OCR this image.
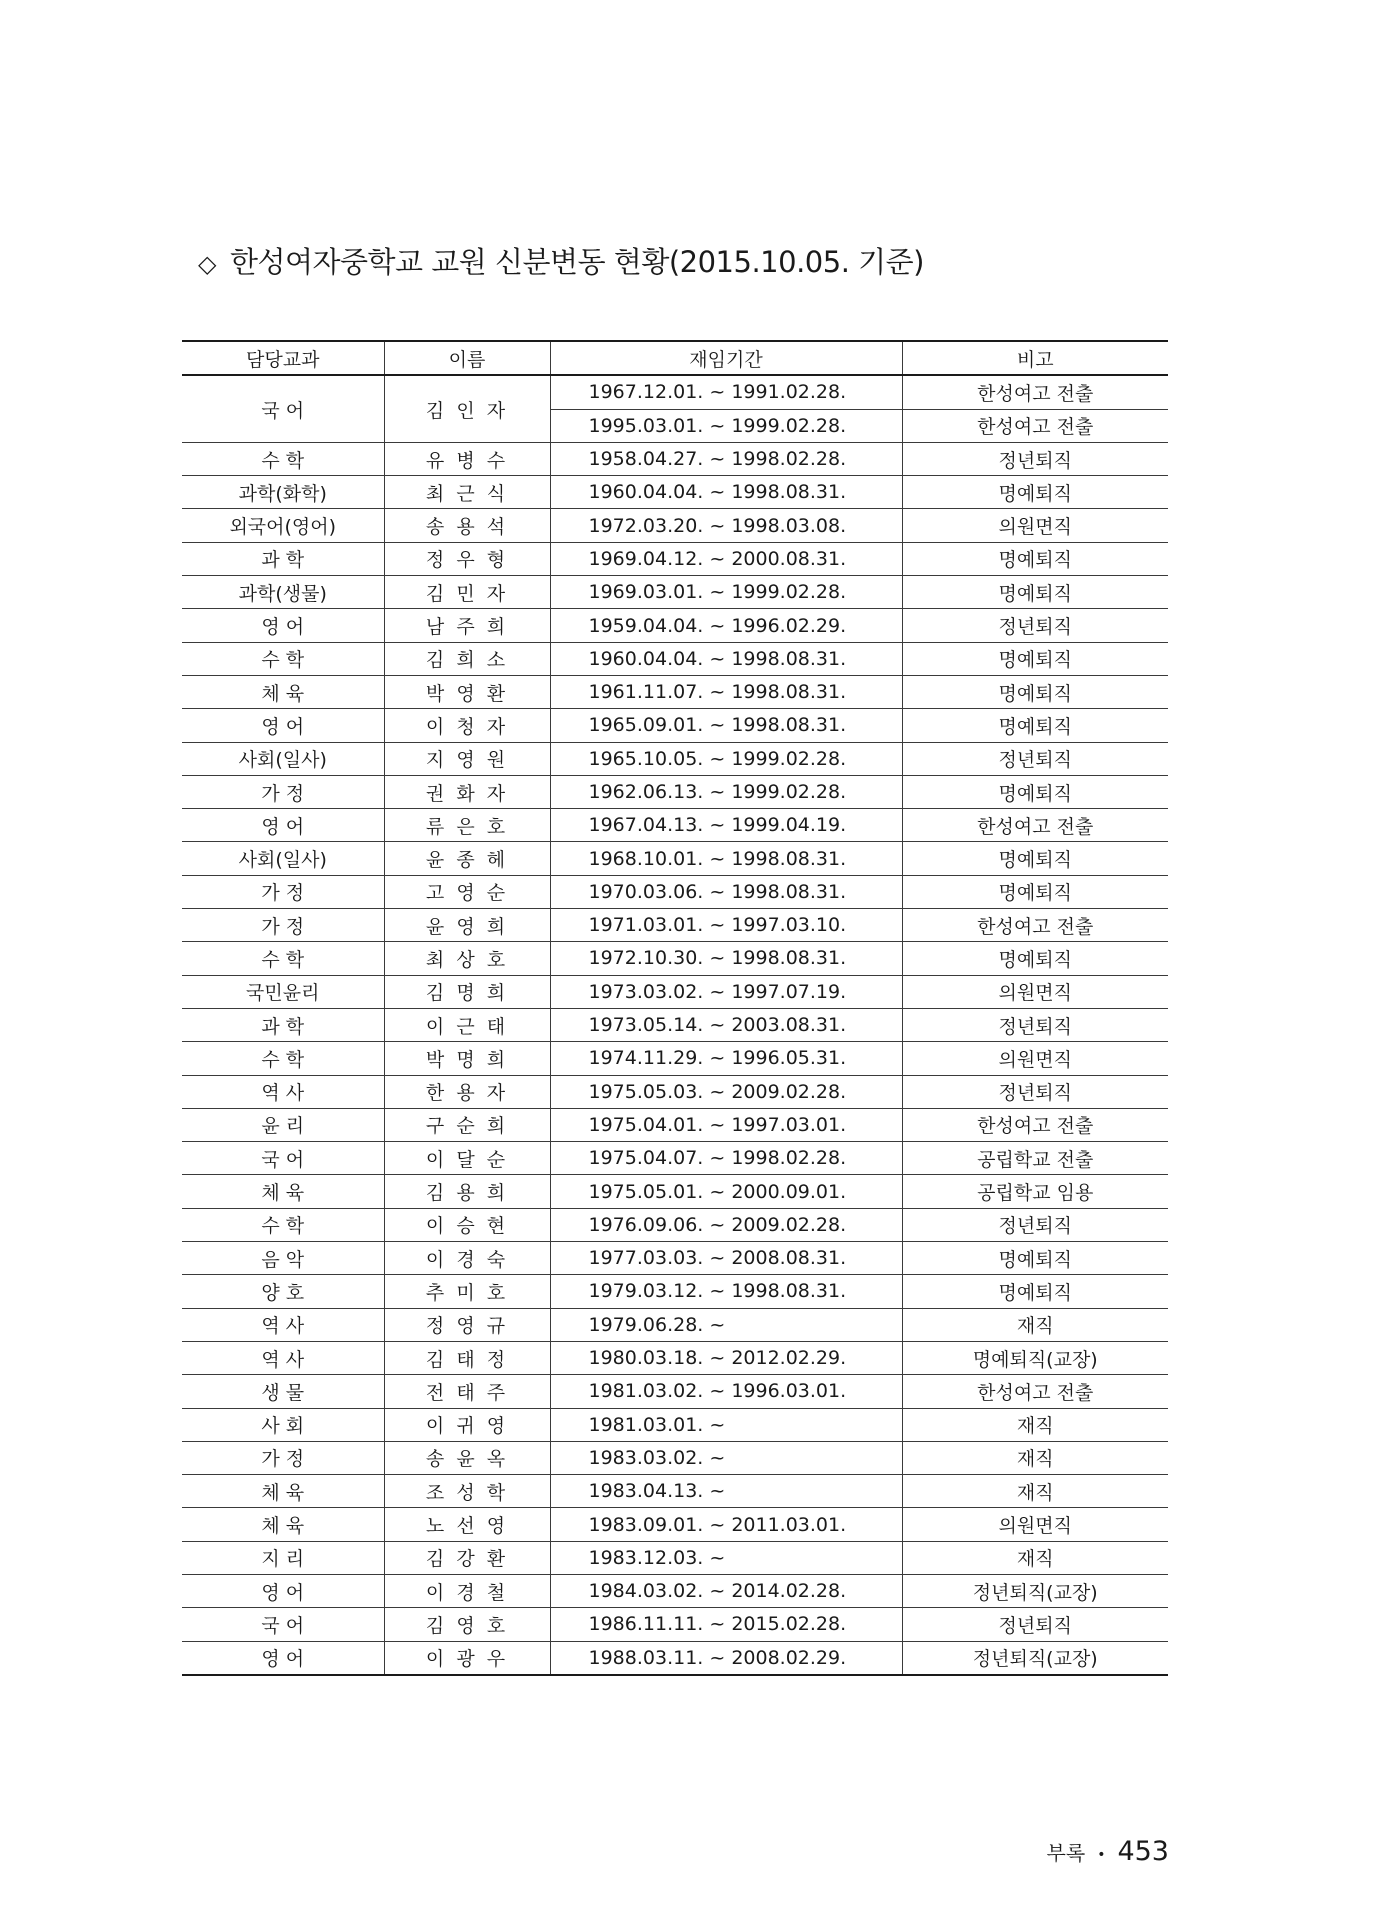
◇ 한성여자중학교 교원 신분변동 현황(2015.10.05. 기준)
담당교과	이름	재임기간	비고
국 어	김 인 자	1967.12.01. ~ 1991.02.28.	한성여고 전출
		1995.03.01. ~ 1999.02.28.	한성여고 전출
수 학	유 병 수	1958.04.27. ~ 1998.02.28.	정년퇴직
과학(화학)	최 근 식	1960.04.04. ~ 1998.08.31.	명예퇴직
외국어(영어)	송 용 석	1972.03.20. ~ 1998.03.08.	의원면직
과 학	정 우 형	1969.04.12. ~ 2000.08.31.	명예퇴직
과학(생물)	김 민 자	1969.03.01. ~ 1999.02.28.	명예퇴직
영 어	남 주 희	1959.04.04. ~ 1996.02.29.	정년퇴직
수 학	김 희 소	1960.04.04. ~ 1998.08.31.	명예퇴직
체 육	박 영 환	1961.11.07. ~ 1998.08.31.	명예퇴직
영 어	이 청 자	1965.09.01. ~ 1998.08.31.	명예퇴직
사회(일사)	지 영 원	1965.10.05. ~ 1999.02.28.	정년퇴직
가 정	권 화 자	1962.06.13. ~ 1999.02.28.	명예퇴직
영 어	류 은 호	1967.04.13. ~ 1999.04.19.	한성여고 전출
사회(일사)	윤 종 헤	1968.10.01. ~ 1998.08.31.	명예퇴직
가 정	고 영 순	1970.03.06. ~ 1998.08.31.	명예퇴직
가 정	윤 영 희	1971.03.01. ~ 1997.03.10.	한성여고 전출
수 학	최 상 호	1972.10.30. ~ 1998.08.31.	명예퇴직
국민윤리	김 명 희	1973.03.02. ~ 1997.07.19.	의원면직
과 학	이 근 태	1973.05.14. ~ 2003.08.31.	정년퇴직
수 학	박 명 희	1974.11.29. ~ 1996.05.31.	의원면직
역 사	한 용 자	1975.05.03. ~ 2009.02.28.	정년퇴직
윤 리	구 순 희	1975.04.01. ~ 1997.03.01.	한성여고 전출
국 어	이 달 순	1975.04.07. ~ 1998.02.28.	공립학교 전출
체 육	김 용 희	1975.05.01. ~ 2000.09.01.	공립학교 임용
수 학	이 승 현	1976.09.06. ~ 2009.02.28.	정년퇴직
음 악	이 경 숙	1977.03.03. ~ 2008.08.31.	명예퇴직
양 호	추 미 호	1979.03.12. ~ 1998.08.31.	명예퇴직
역 사	정 영 규	1979.06.28. ~	재직
역 사	김 태 정	1980.03.18. ~ 2012.02.29.	명예퇴직(교장)
생 물	전 태 주	1981.03.02. ~ 1996.03.01.	한성여고 전출
사 회	이 귀 영	1981.03.01. ~	재직
가 정	송 윤 옥	1983.03.02. ~	재직
체 육	조 성 학	1983.04.13. ~	재직
체 육	노 선 영	1983.09.01. ~ 2011.03.01.	의원면직
지 리	김 강 환	1983.12.03. ~	재직
영 어	이 경 철	1984.03.02. ~ 2014.02.28.	정년퇴직(교장)
국 어	김 영 호	1986.11.11. ~ 2015.02.28.	정년퇴직
영 어	이 광 우	1988.03.11. ~ 2008.02.29.	정년퇴직(교장)
부록 • 453
